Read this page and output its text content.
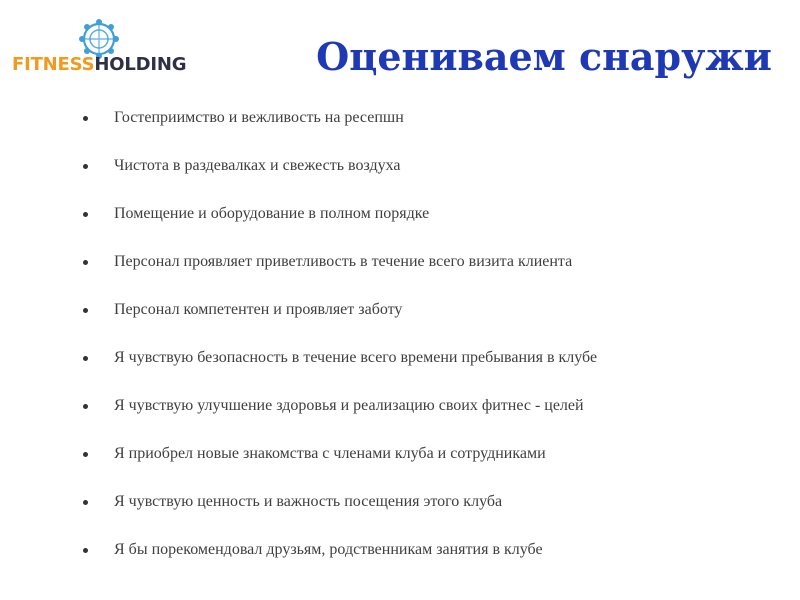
FITNESSHOLDING	Оцениваем снаружи
Гостеприимство и вежливость на ресепшн
Чистота в раздевалках и свежесть воздуха
Помещение и оборудование в полном порядке
Персонал проявляет приветливость в течение всего визита клиента
Персонал компетентен и проявляет заботу
Я чувствую безопасность в течение всего времени пребывания в клубе
Я чувствую улучшение здоровья и реализацию своих фитнес - целей
Я приобрел новые знакомства с членами клуба и сотрудниками
Я чувствую ценность и важность посещения этого клуба
Я бы порекомендовал друзьям, родственникам занятия в клубе
